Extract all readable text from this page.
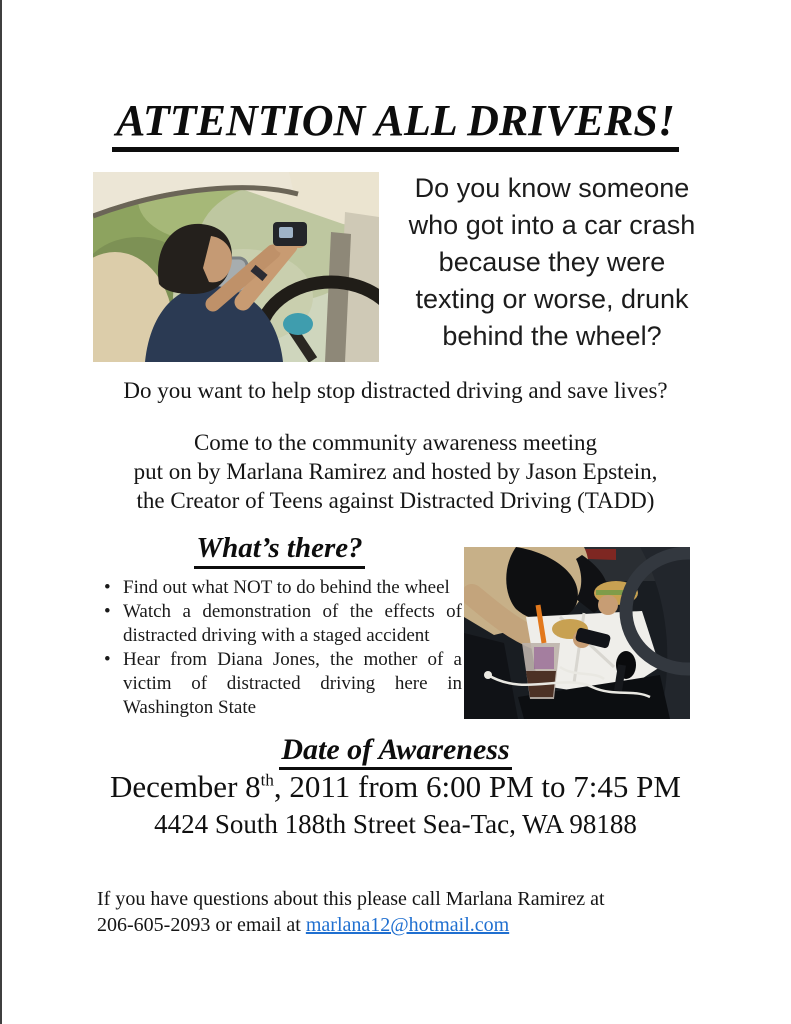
ATTENTION ALL DRIVERS!
Do you know someone
who got into a car crash
because they were
texting or worse, drunk
behind the wheel?
Do you want to help stop distracted driving and save lives?
Come to the community awareness meeting
put on by Marlana Ramirez and hosted by Jason Epstein,
the Creator of Teens against Distracted Driving (TADD)
What’s there?
• Find out what NOT to do behind the wheel
• Watch a demonstration of the effects of distracted driving with a staged accident
• Hear from Diana Jones, the mother of a victim of distracted driving here in Washington State
Date of Awareness
December 8th, 2011 from 6:00 PM to 7:45 PM
4424 South 188th Street Sea-Tac, WA 98188
If you have questions about this please call Marlana Ramirez at
206-605-2093 or email at marlana12@hotmail.com
